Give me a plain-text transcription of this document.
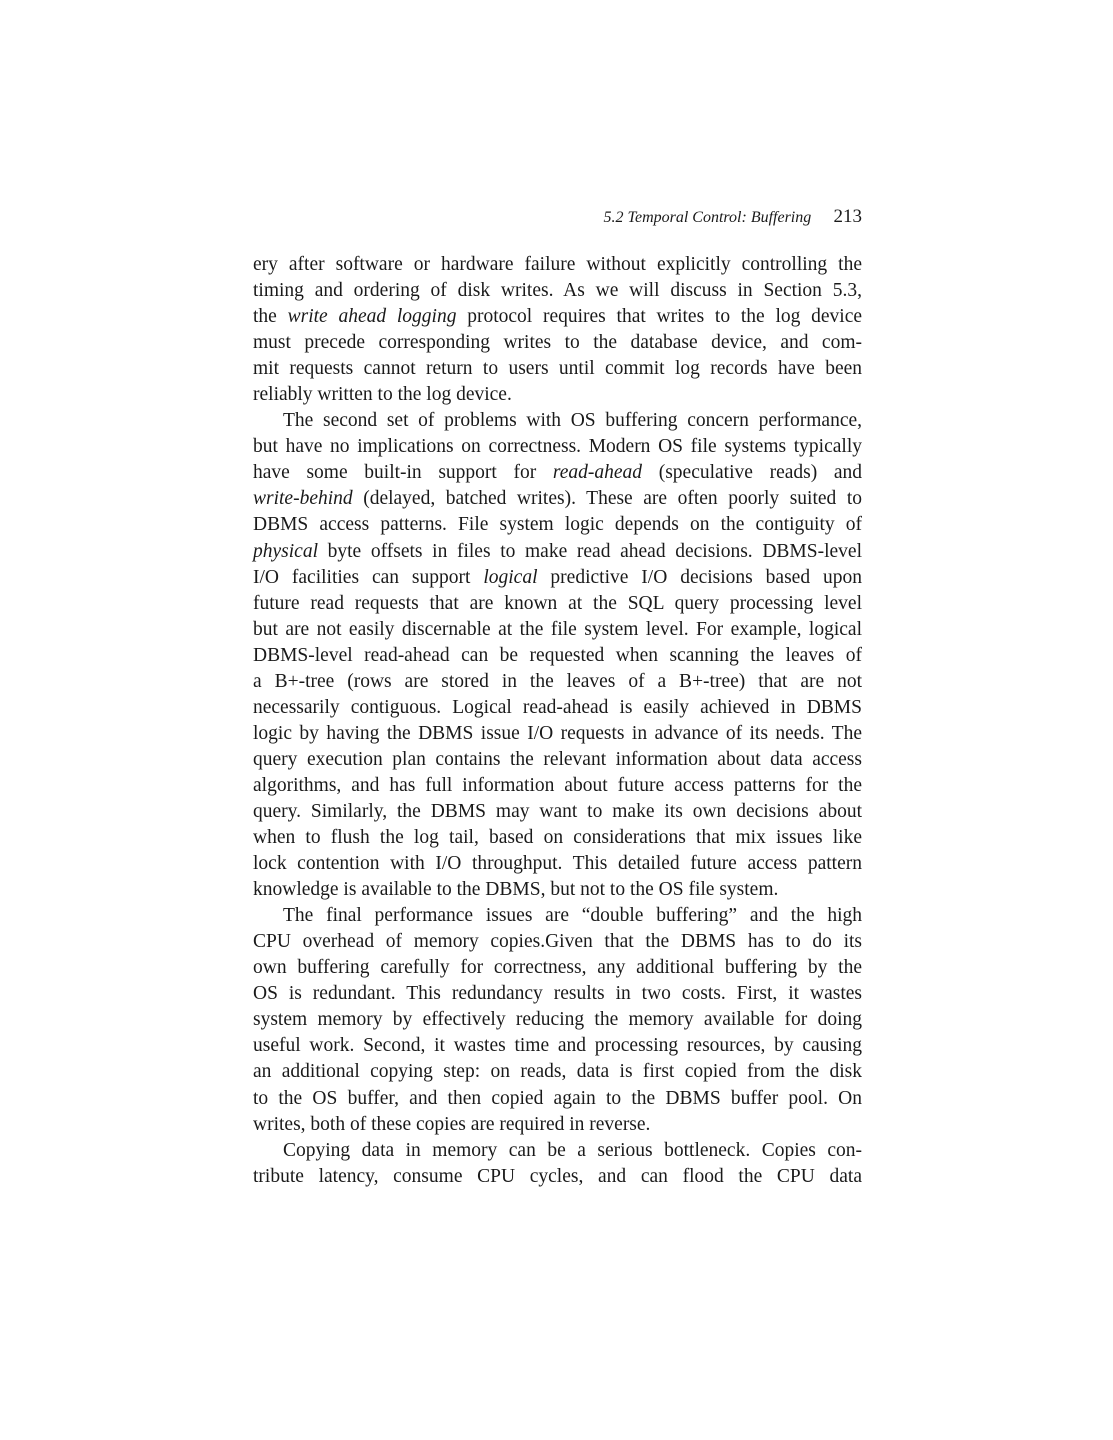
5.2 Temporal Control: Buffering 213
ery after software or hardware failure without explicitly controlling the
timing and ordering of disk writes. As we will discuss in Section 5.3,
the write ahead logging protocol requires that writes to the log device
must precede corresponding writes to the database device, and com-
mit requests cannot return to users until commit log records have been
reliably written to the log device.
The second set of problems with OS buffering concern performance,
but have no implications on correctness. Modern OS file systems typically
have some built-in support for read-ahead (speculative reads) and
write-behind (delayed, batched writes). These are often poorly suited to
DBMS access patterns. File system logic depends on the contiguity of
physical byte offsets in files to make read ahead decisions. DBMS-level
I/O facilities can support logical predictive I/O decisions based upon
future read requests that are known at the SQL query processing level
but are not easily discernable at the file system level. For example, logical
DBMS-level read-ahead can be requested when scanning the leaves of
a B+-tree (rows are stored in the leaves of a B+-tree) that are not
necessarily contiguous. Logical read-ahead is easily achieved in DBMS
logic by having the DBMS issue I/O requests in advance of its needs. The
query execution plan contains the relevant information about data access
algorithms, and has full information about future access patterns for the
query. Similarly, the DBMS may want to make its own decisions about
when to flush the log tail, based on considerations that mix issues like
lock contention with I/O throughput. This detailed future access pattern
knowledge is available to the DBMS, but not to the OS file system.
The final performance issues are “double buffering” and the high
CPU overhead of memory copies.Given that the DBMS has to do its
own buffering carefully for correctness, any additional buffering by the
OS is redundant. This redundancy results in two costs. First, it wastes
system memory by effectively reducing the memory available for doing
useful work. Second, it wastes time and processing resources, by causing
an additional copying step: on reads, data is first copied from the disk
to the OS buffer, and then copied again to the DBMS buffer pool. On
writes, both of these copies are required in reverse.
Copying data in memory can be a serious bottleneck. Copies con-
tribute latency, consume CPU cycles, and can flood the CPU data
